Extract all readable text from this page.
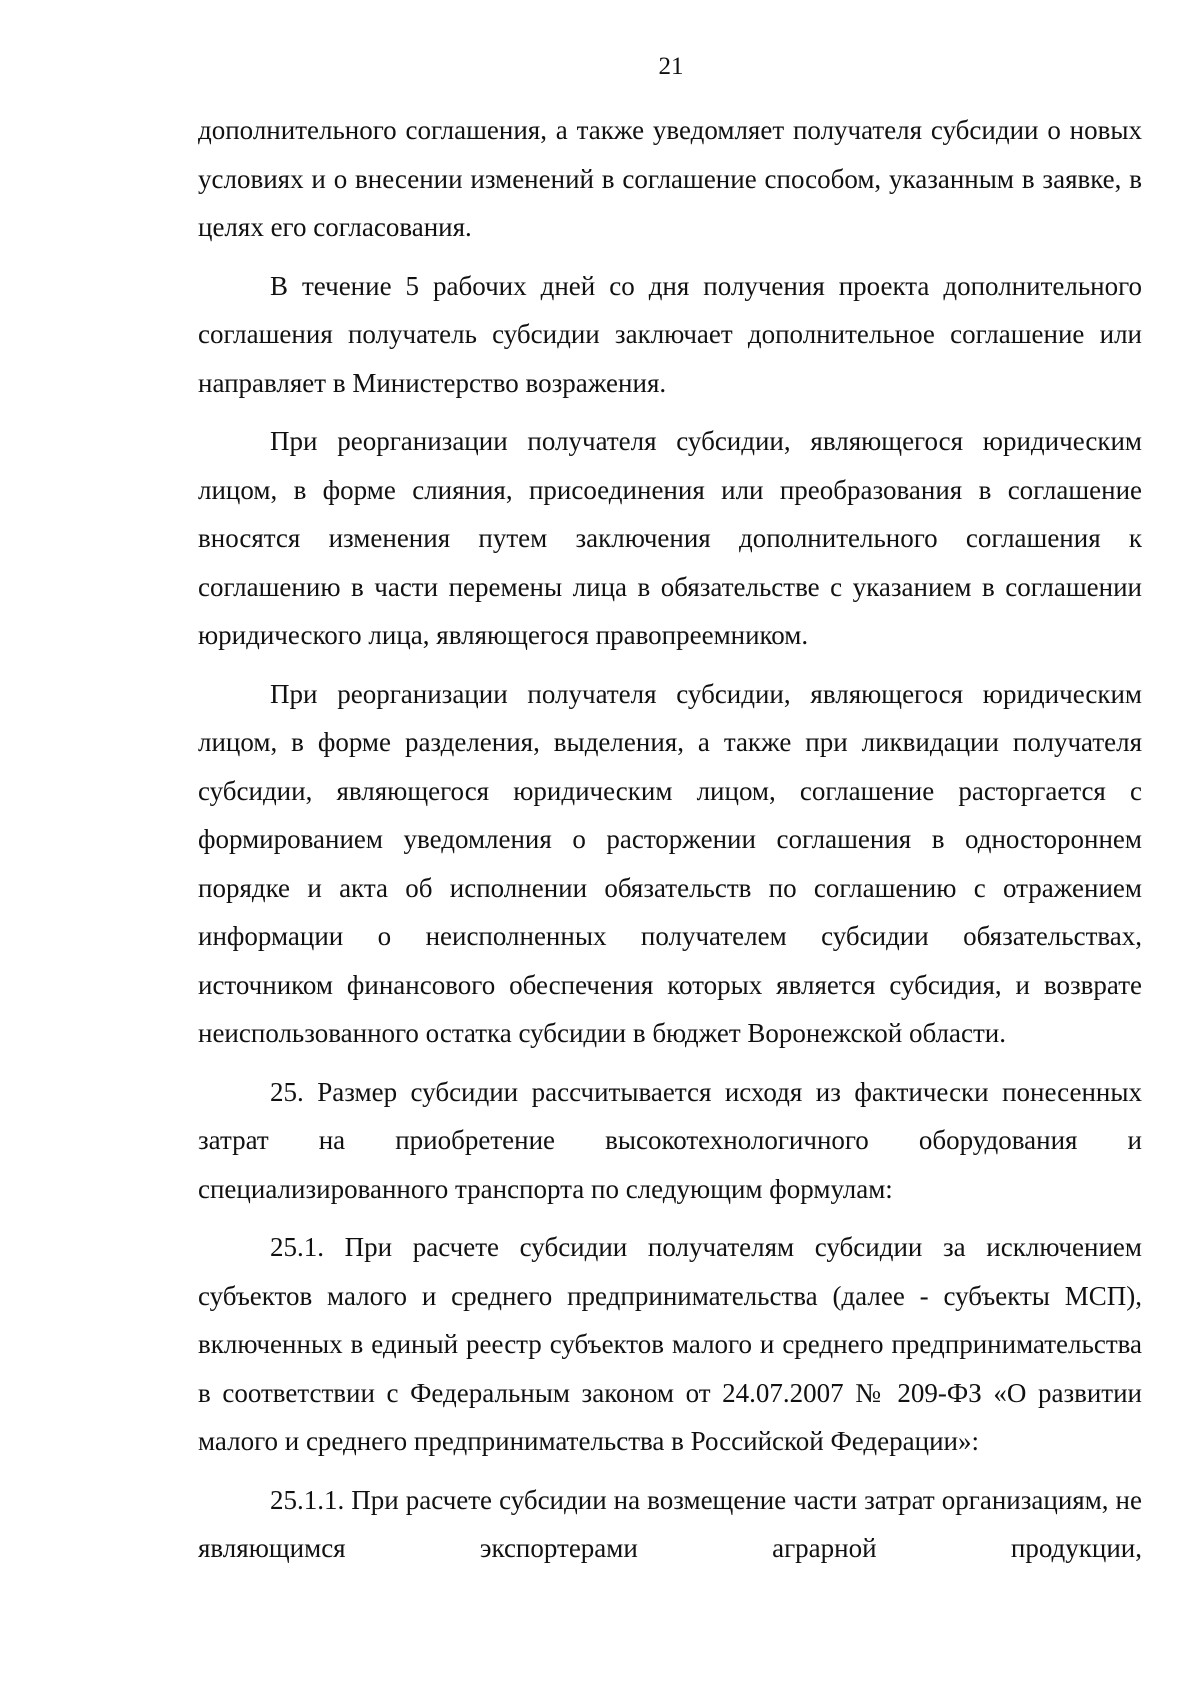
21

дополнительного соглашения, а также уведомляет получателя субсидии о новых условиях и о внесении изменений в соглашение способом, указанным в заявке, в целях его согласования.

В течение 5 рабочих дней со дня получения проекта дополнительного соглашения получатель субсидии заключает дополнительное соглашение или направляет в Министерство возражения.

При реорганизации получателя субсидии, являющегося юридическим лицом, в форме слияния, присоединения или преобразования в соглашение вносятся изменения путем заключения дополнительного соглашения к соглашению в части перемены лица в обязательстве с указанием в соглашении юридического лица, являющегося правопреемником.

При реорганизации получателя субсидии, являющегося юридическим лицом, в форме разделения, выделения, а также при ликвидации получателя субсидии, являющегося юридическим лицом, соглашение расторгается с формированием уведомления о расторжении соглашения в одностороннем порядке и акта об исполнении обязательств по соглашению с отражением информации о неисполненных получателем субсидии обязательствах, источником финансового обеспечения которых является субсидия, и возврате неиспользованного остатка субсидии в бюджет Воронежской области.

25. Размер субсидии рассчитывается исходя из фактически понесенных затрат на приобретение высокотехнологичного оборудования и специализированного транспорта по следующим формулам:

25.1. При расчете субсидии получателям субсидии за исключением субъектов малого и среднего предпринимательства (далее - субъекты МСП), включенных в единый реестр субъектов малого и среднего предпринимательства в соответствии с Федеральным законом от 24.07.2007 № 209-ФЗ «О развитии малого и среднего предпринимательства в Российской Федерации»:

25.1.1. При расчете субсидии на возмещение части затрат организациям, не являющимся экспортерами аграрной продукции,
